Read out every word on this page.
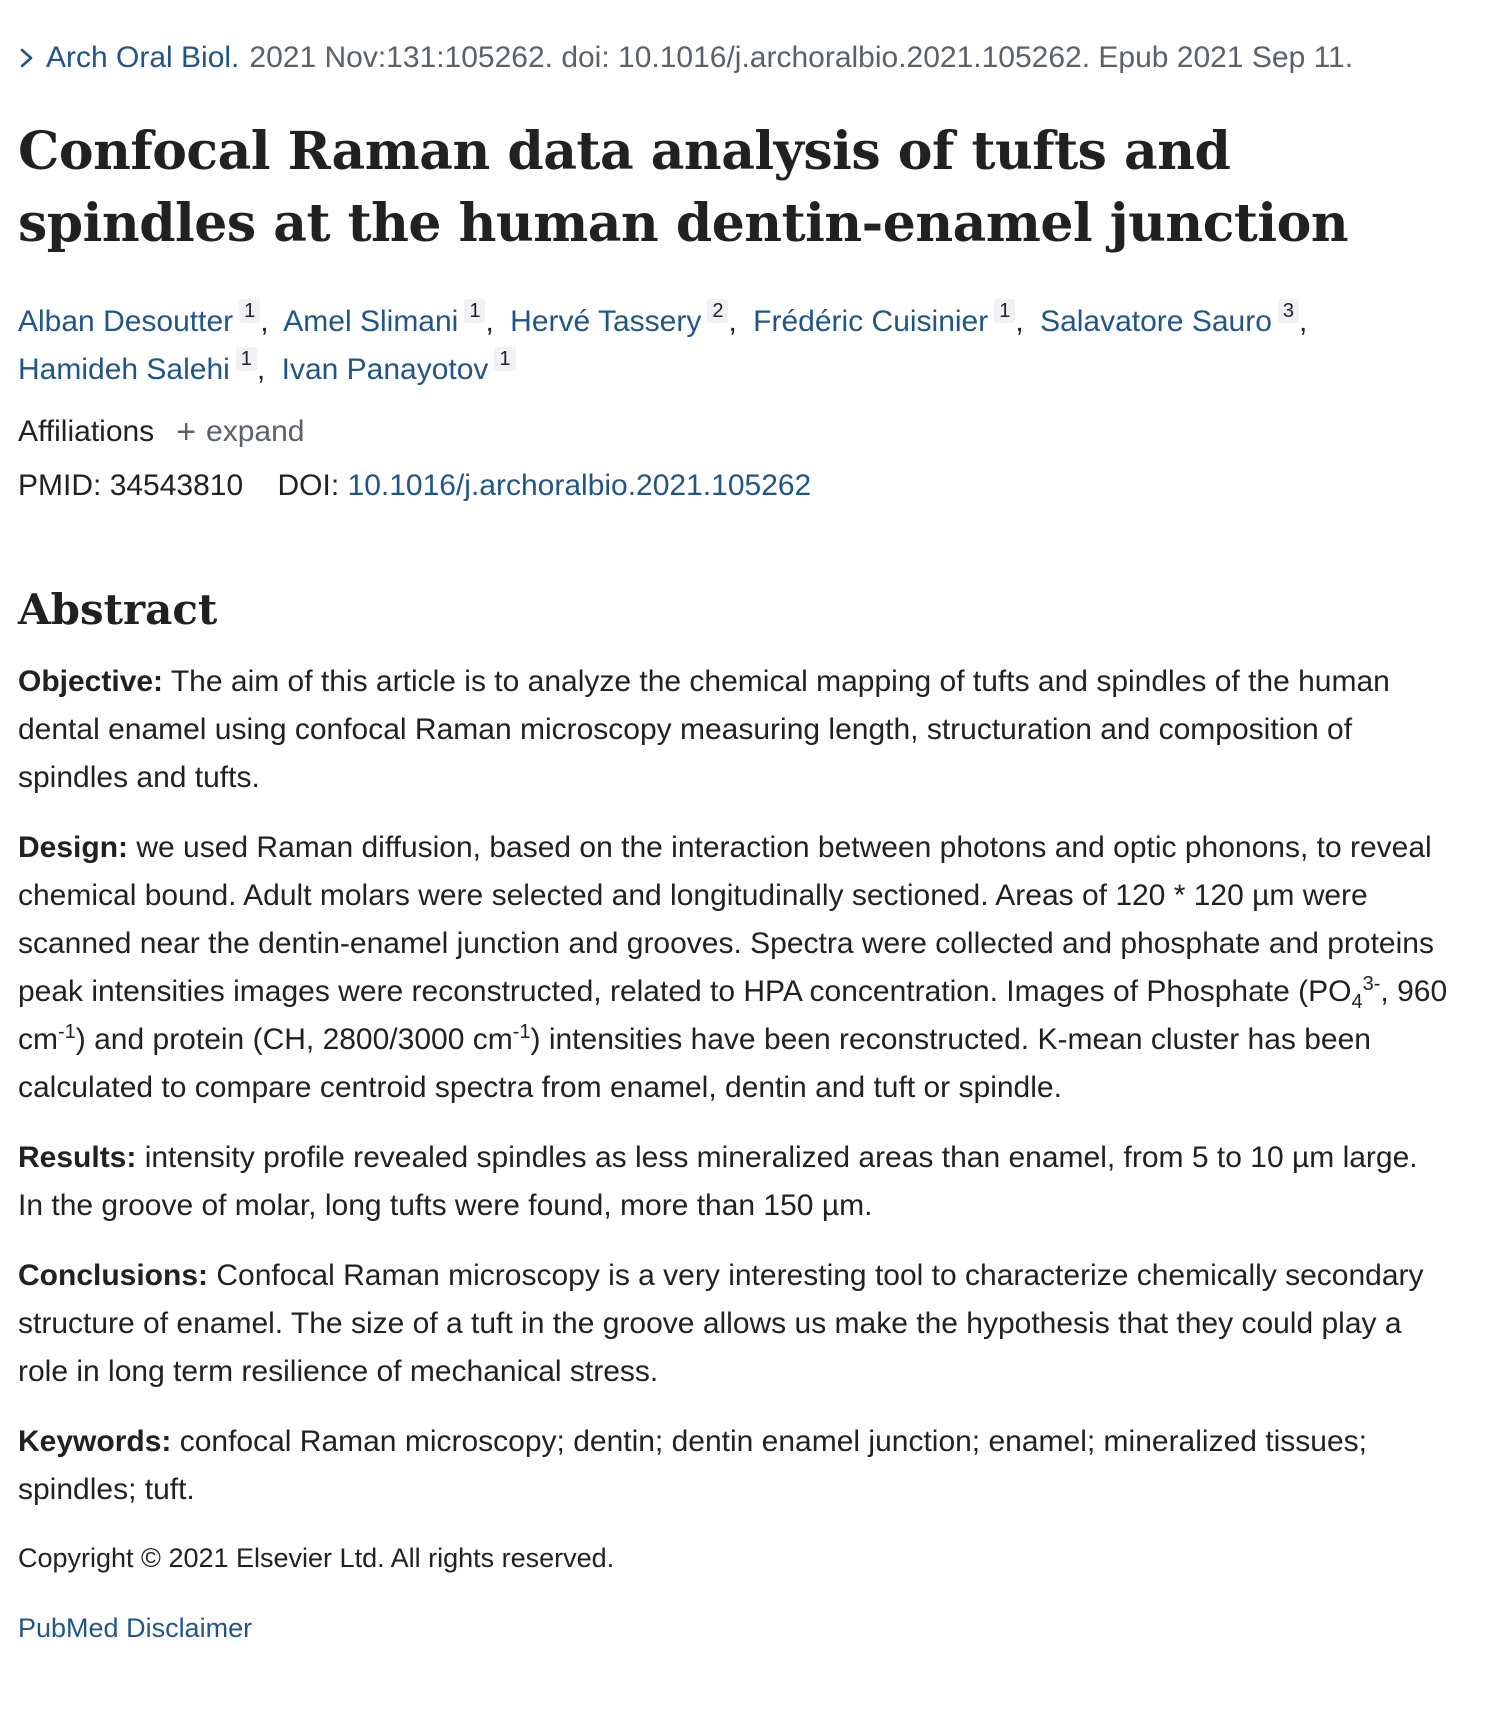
Arch Oral Biol. 2021 Nov:131:105262. doi: 10.1016/j.archoralbio.2021.105262. Epub 2021 Sep 11.
Confocal Raman data analysis of tufts and spindles at the human dentin-enamel junction
Alban Desoutter 1 , Amel Slimani 1 , Hervé Tassery 2 , Frédéric Cuisinier 1 , Salavatore Sauro 3 ,
Hamideh Salehi 1 , Ivan Panayotov 1
Affiliations + expand
PMID: 34543810 DOI: 10.1016/j.archoralbio.2021.105262
Abstract

Objective: The aim of this article is to analyze the chemical mapping of tufts and spindles of the human dental enamel using confocal Raman microscopy measuring length, structuration and composition of spindles and tufts.

Design: we used Raman diffusion, based on the interaction between photons and optic phonons, to reveal chemical bound. Adult molars were selected and longitudinally sectioned. Areas of 120 * 120 µm were scanned near the dentin-enamel junction and grooves. Spectra were collected and phosphate and proteins peak intensities images were reconstructed, related to HPA concentration. Images of Phosphate ($PO_4^{3-}$, 960 $cm^{-1}$) and protein (CH, 2800/3000 $cm^{-1}$) intensities have been reconstructed. K-mean cluster has been calculated to compare centroid spectra from enamel, dentin and tuft or spindle.

Results: intensity profile revealed spindles as less mineralized areas than enamel, from 5 to 10 µm large. In the groove of molar, long tufts were found, more than 150 µm.

Conclusions: Confocal Raman microscopy is a very interesting tool to characterize chemically secondary structure of enamel. The size of a tuft in the groove allows us make the hypothesis that they could play a role in long term resilience of mechanical stress.

Keywords: confocal Raman microscopy; dentin; dentin enamel junction; enamel; mineralized tissues; spindles; tuft.

Copyright © 2021 Elsevier Ltd. All rights reserved.
PubMed Disclaimer
